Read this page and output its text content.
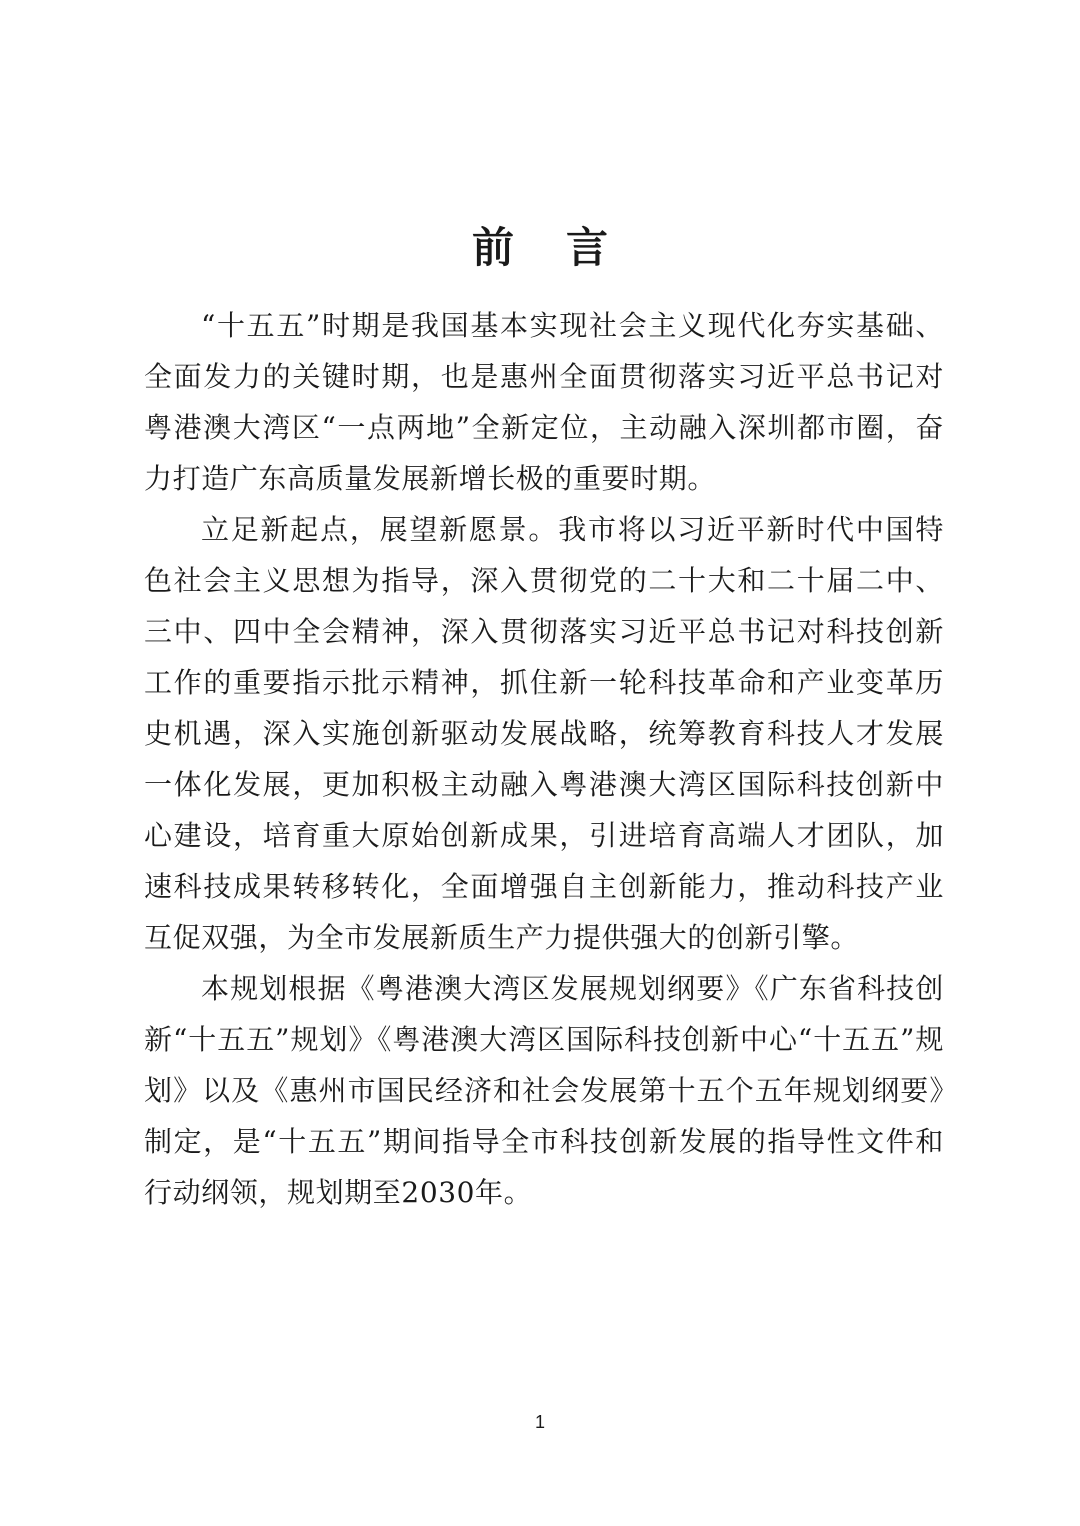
前言

“十五五”时期是我国基本实现社会主义现代化夯实基础、全面发力的关键时期，也是惠州全面贯彻落实习近平总书记对粤港澳大湾区“一点两地”全新定位，主动融入深圳都市圈，奋力打造广东高质量发展新增长极的重要时期。

立足新起点，展望新愿景。我市将以习近平新时代中国特色社会主义思想为指导，深入贯彻党的二十大和二十届二中、三中、四中全会精神，深入贯彻落实习近平总书记对科技创新工作的重要指示批示精神，抓住新一轮科技革命和产业变革历史机遇，深入实施创新驱动发展战略，统筹教育科技人才发展一体化发展，更加积极主动融入粤港澳大湾区国际科技创新中心建设，培育重大原始创新成果，引进培育高端人才团队，加速科技成果转移转化，全面增强自主创新能力，推动科技产业互促双强，为全市发展新质生产力提供强大的创新引擎。

本规划根据《粤港澳大湾区发展规划纲要》《广东省科技创新“十五五”规划》《粤港澳大湾区国际科技创新中心“十五五”规划》以及《惠州市国民经济和社会发展第十五个五年规划纲要》制定，是“十五五”期间指导全市科技创新发展的指导性文件和行动纲领，规划期至2030年。

1
